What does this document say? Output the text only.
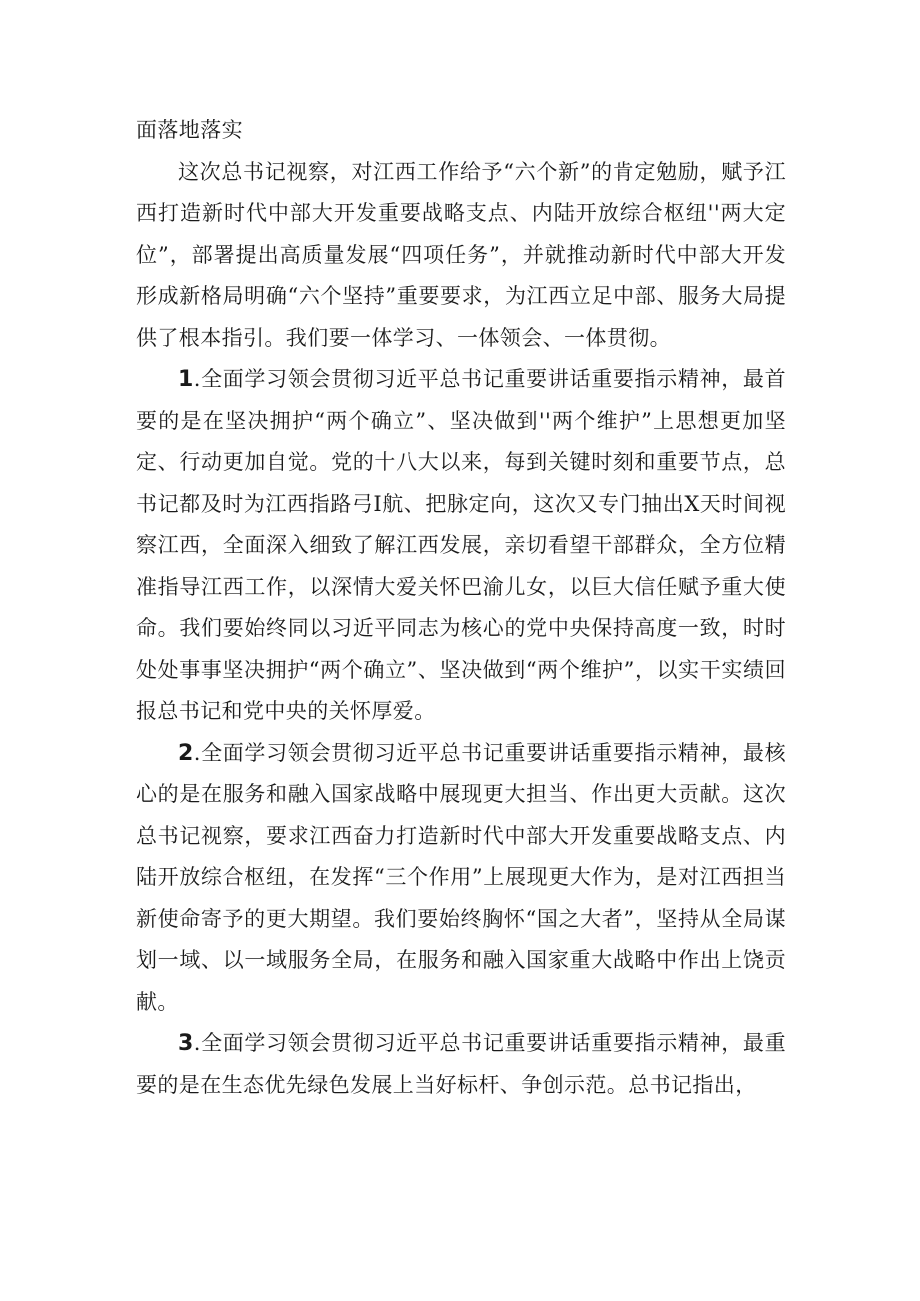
面落地落实

这次总书记视察，对江西工作给予“六个新”的肯定勉励，赋予江西打造新时代中部大开发重要战略支点、内陆开放综合枢纽''两大定位”，部署提出高质量发展“四项任务”，并就推动新时代中部大开发形成新格局明确“六个坚持”重要要求，为江西立足中部、服务大局提供了根本指引。我们要一体学习、一体领会、一体贯彻。

1.全面学习领会贯彻习近平总书记重要讲话重要指示精神，最首要的是在坚决拥护“两个确立”、坚决做到''两个维护”上思想更加坚定、行动更加自觉。党的十八大以来，每到关键时刻和重要节点，总书记都及时为江西指路弓I航、把脉定向，这次又专门抽出X天时间视察江西，全面深入细致了解江西发展，亲切看望干部群众，全方位精准指导江西工作，以深情大爱关怀巴渝儿女，以巨大信任赋予重大使命。我们要始终同以习近平同志为核心的党中央保持高度一致，时时处处事事坚决拥护“两个确立”、坚决做到“两个维护”，以实干实绩回报总书记和党中央的关怀厚爱。

2.全面学习领会贯彻习近平总书记重要讲话重要指示精神，最核心的是在服务和融入国家战略中展现更大担当、作出更大贡献。这次总书记视察，要求江西奋力打造新时代中部大开发重要战略支点、内陆开放综合枢纽，在发挥“三个作用”上展现更大作为，是对江西担当新使命寄予的更大期望。我们要始终胸怀“国之大者”，坚持从全局谋划一域、以一域服务全局，在服务和融入国家重大战略中作出上饶贡献。

3.全面学习领会贯彻习近平总书记重要讲话重要指示精神，最重要的是在生态优先绿色发展上当好标杆、争创示范。总书记指出，
